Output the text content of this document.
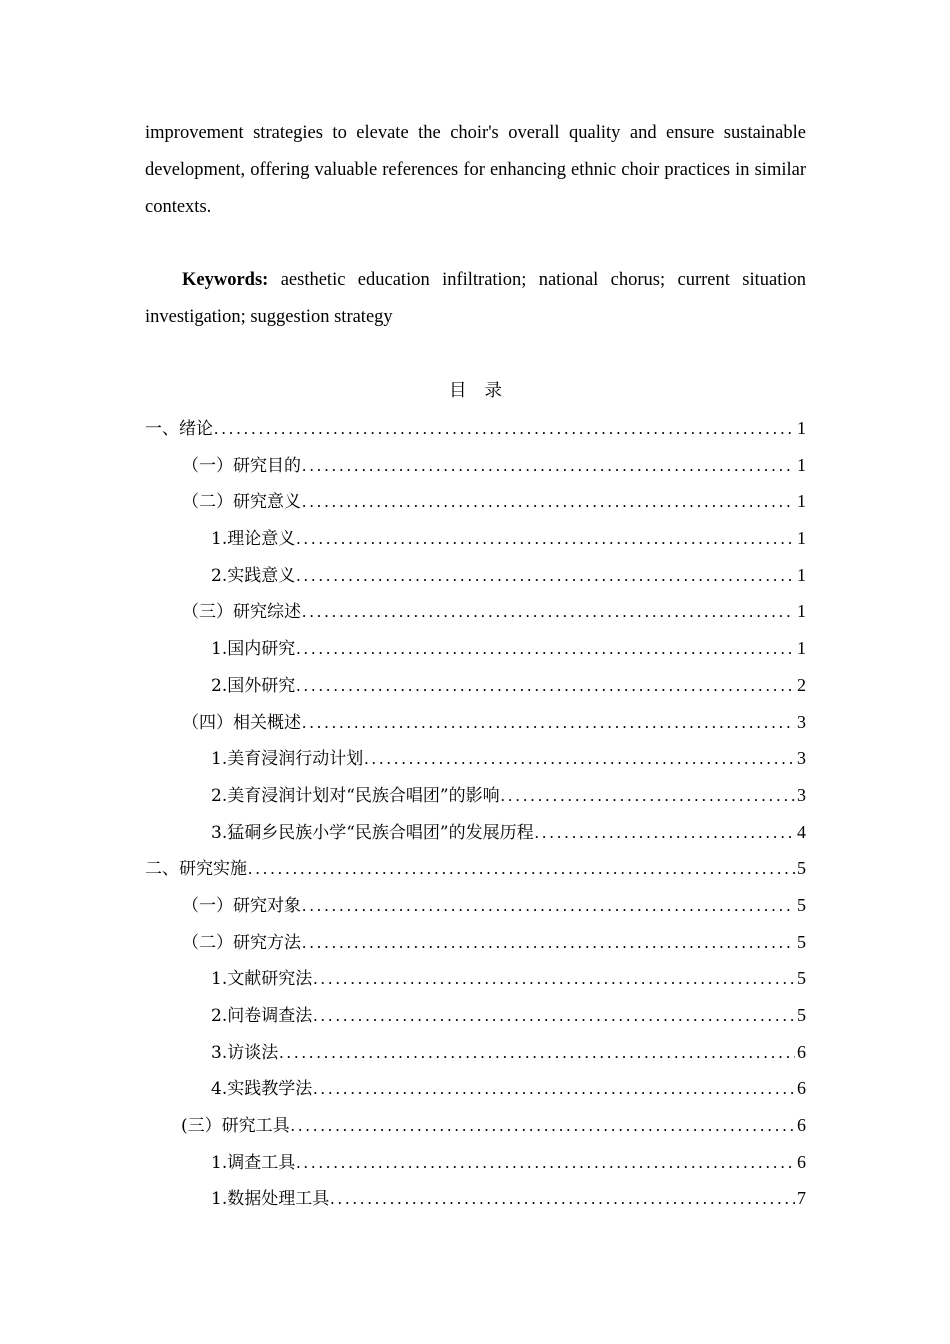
improvement strategies to elevate the choir's overall quality and ensure sustainable development, offering valuable references for enhancing ethnic choir practices in similar contexts.

Keywords: aesthetic education infiltration; national chorus; current situation investigation; suggestion strategy

目录
一、绪论 .....	1
（一）研究目的 .....	1
（二）研究意义 .....	1
1.理论意义 .....	1
2.实践意义 .....	1
（三）研究综述 .....	1
1.国内研究 .....	1
2.国外研究 .....	2
（四）相关概述 .....	3
1.美育浸润行动计划 .....	3
2.美育浸润计划对“民族合唱团”的影响 .....	3
3.猛硐乡民族小学“民族合唱团”的发展历程 .....	4
二、研究实施 .....	5
（一）研究对象 .....	5
（二）研究方法 .....	5
1.文献研究法 .....	5
2.问卷调查法 .....	5
3.访谈法 .....	6
4.实践教学法 .....	6
(三）研究工具 .....	6
1.调查工具 .....	6
1.数据处理工具 .....	7
